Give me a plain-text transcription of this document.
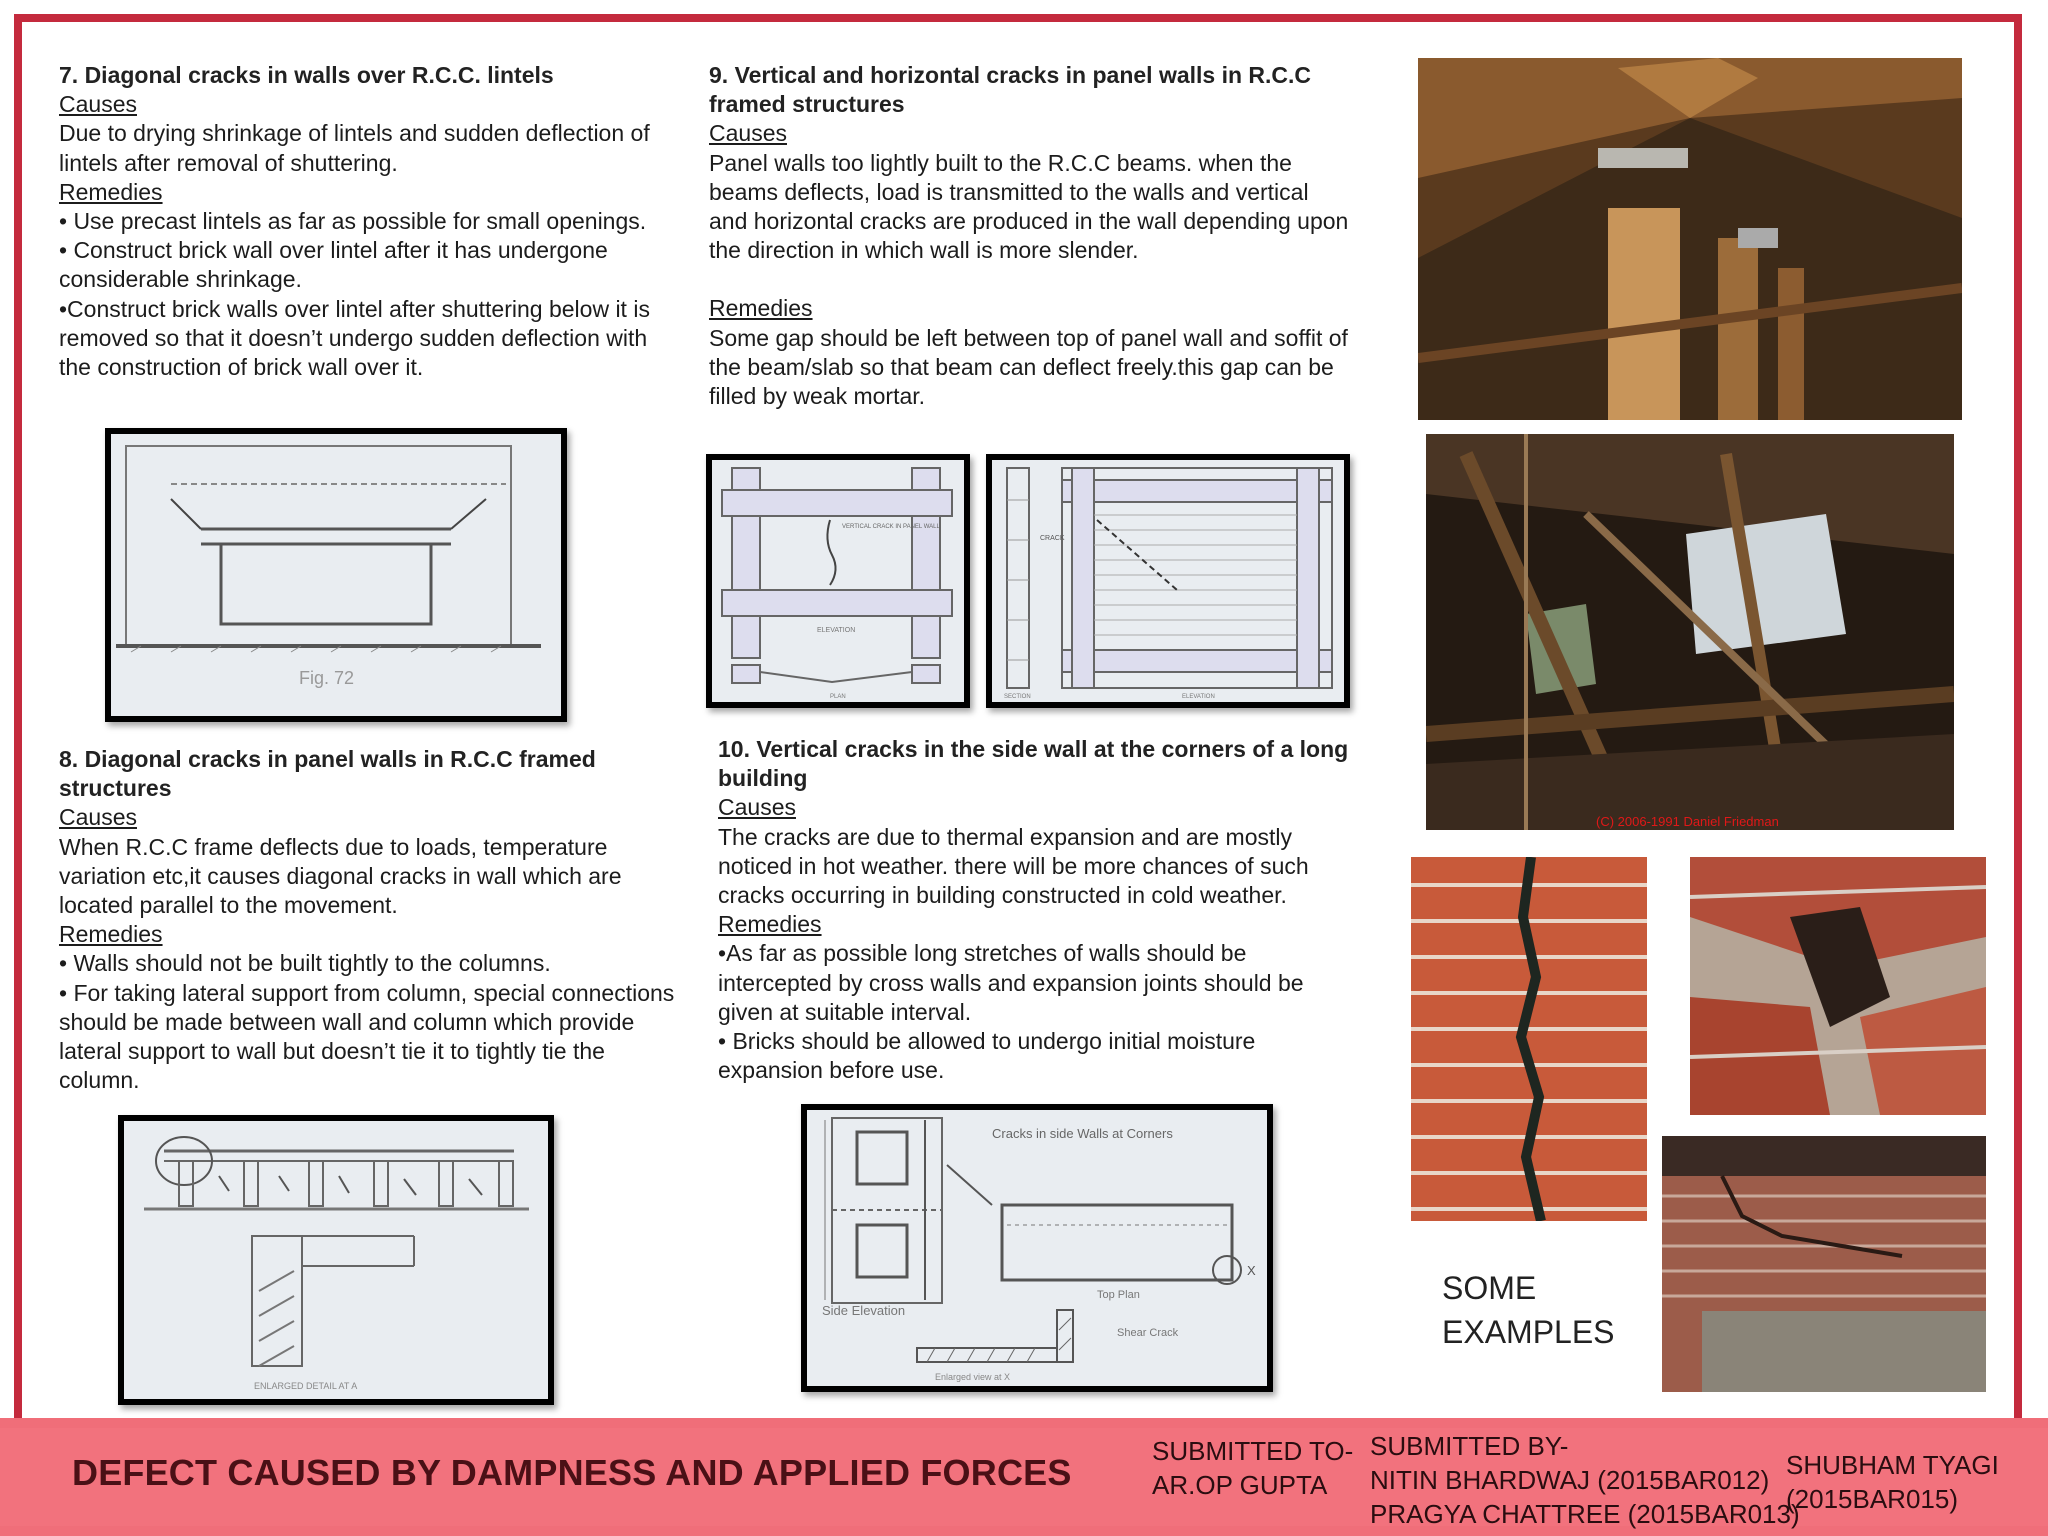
7. Diagonal cracks in walls over R.C.C. lintels
Causes

Due to drying shrinkage of lintels and sudden deflection of lintels after removal of shuttering.

Remedies

• Use precast lintels as far as possible for small openings.

• Construct brick wall over lintel after it has undergone considerable shrinkage.

•Construct brick walls over lintel after shuttering below it is removed so that it doesn’t undergo sudden deflection with the construction of brick wall over it.

Fig. 72
8. Diagonal cracks in panel walls in R.C.C framed structures
Causes

When R.C.C frame deflects due to loads, temperature variation etc,it causes diagonal cracks in wall which are located parallel to the movement.

Remedies

• Walls should not be built tightly to the columns.

• For taking lateral support from column, special connections should be made between wall and column which provide lateral support to wall but doesn’t tie it to tightly tie the column.

ENLARGED DETAIL AT A
9. Vertical and horizontal cracks in panel walls in R.C.C framed structures
Causes

Panel walls too lightly built to the R.C.C beams. when the beams deflects, load is transmitted to the walls and vertical and horizontal cracks are produced in the wall depending upon the direction in which wall is more slender.

Remedies

Some gap should be left between top of panel wall and soffit of the beam/slab so that beam can deflect freely.this gap can be filled by weak mortar.

VERTICAL CRACK IN PANEL WALL
ELEVATION
PLAN
CRACK
SECTION	ELEVATION
10. Vertical cracks in the side wall at the corners of a long building
Causes

The cracks are due to thermal expansion and are mostly noticed in hot weather. there will be more chances of such cracks occurring in building constructed in cold weather.

Remedies

•As far as possible long stretches of walls should be intercepted by cross walls and expansion joints should be given at suitable interval.

• Bricks should be allowed to undergo initial moisture expansion before use.

Cracks in side Walls at Corners
X
Side Elevation
Top Plan
Shear Crack
Enlarged view at X
(C) 2006-1991 Daniel Friedman
SOME
EXAMPLES
DEFECT CAUSED BY DAMPNESS AND APPLIED FORCES
SUBMITTED TO-
AR.OP GUPTA
SUBMITTED BY-
NITIN BHARDWAJ (2015BAR012)
PRAGYA CHATTREE (2015BAR013)
SHUBHAM TYAGI
(2015BAR015)
